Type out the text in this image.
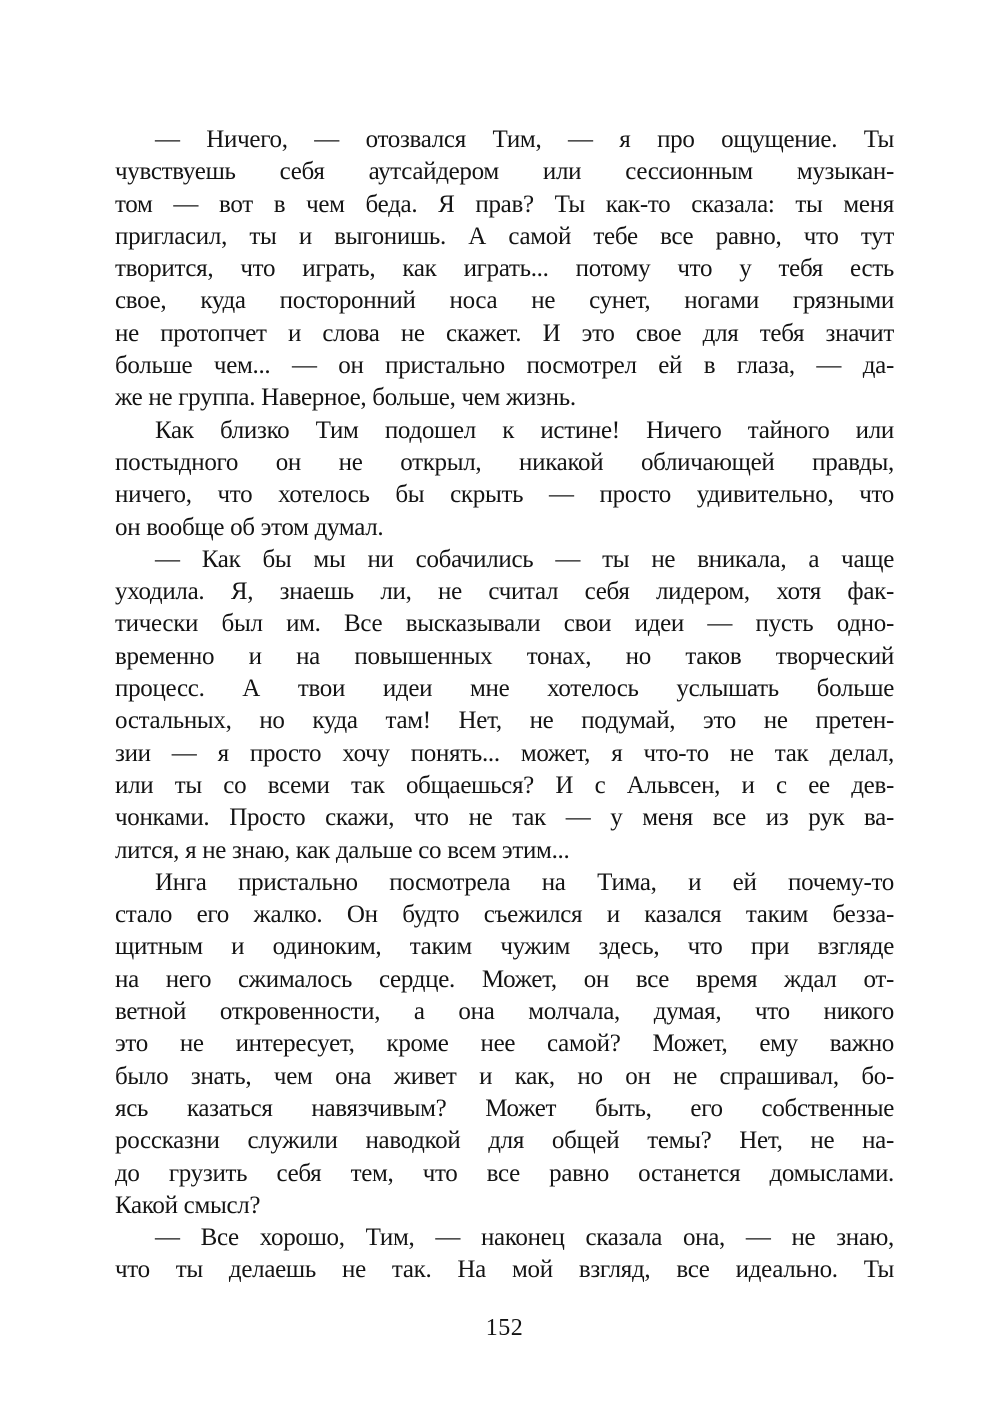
— Ничего, — отозвался Тим, — я про ощущение. Ты
чувствуешь себя аутсайдером или сессионным музыкан-
том — вот в чем беда. Я прав? Ты как-то сказала: ты меня
пригласил, ты и выгонишь. А самой тебе все равно, что тут
творится, что играть, как играть... потому что у тебя есть
свое, куда посторонний носа не сунет, ногами грязными
не протопчет и слова не скажет. И это свое для тебя значит
больше чем... — он пристально посмотрел ей в глаза, — да-
же не группа. Наверное, больше, чем жизнь.
Как близко Тим подошел к истине! Ничего тайного или
постыдного он не открыл, никакой обличающей правды,
ничего, что хотелось бы скрыть — просто удивительно, что
он вообще об этом думал.
— Как бы мы ни собачились — ты не вникала, а чаще
уходила. Я, знаешь ли, не считал себя лидером, хотя фак-
тически был им. Все высказывали свои идеи — пусть одно-
временно и на повышенных тонах, но таков творческий
процесс. А твои идеи мне хотелось услышать больше
остальных, но куда там! Нет, не подумай, это не претен-
зии — я просто хочу понять... может, я что-то не так делал,
или ты со всеми так общаешься? И с Альвсен, и с ее дев-
чонками. Просто скажи, что не так — у меня все из рук ва-
лится, я не знаю, как дальше со всем этим...
Инга пристально посмотрела на Тима, и ей почему-то
стало его жалко. Он будто съежился и казался таким безза-
щитным и одиноким, таким чужим здесь, что при взгляде
на него сжималось сердце. Может, он все время ждал от-
ветной откровенности, а она молчала, думая, что никого
это не интересует, кроме нее самой? Может, ему важно
было знать, чем она живет и как, но он не спрашивал, бо-
ясь казаться навязчивым? Может быть, его собственные
россказни служили наводкой для общей темы? Нет, не на-
до грузить себя тем, что все равно останется домыслами.
Какой смысл?
— Все хорошо, Тим, — наконец сказала она, — не знаю,
что ты делаешь не так. На мой взгляд, все идеально. Ты
152
